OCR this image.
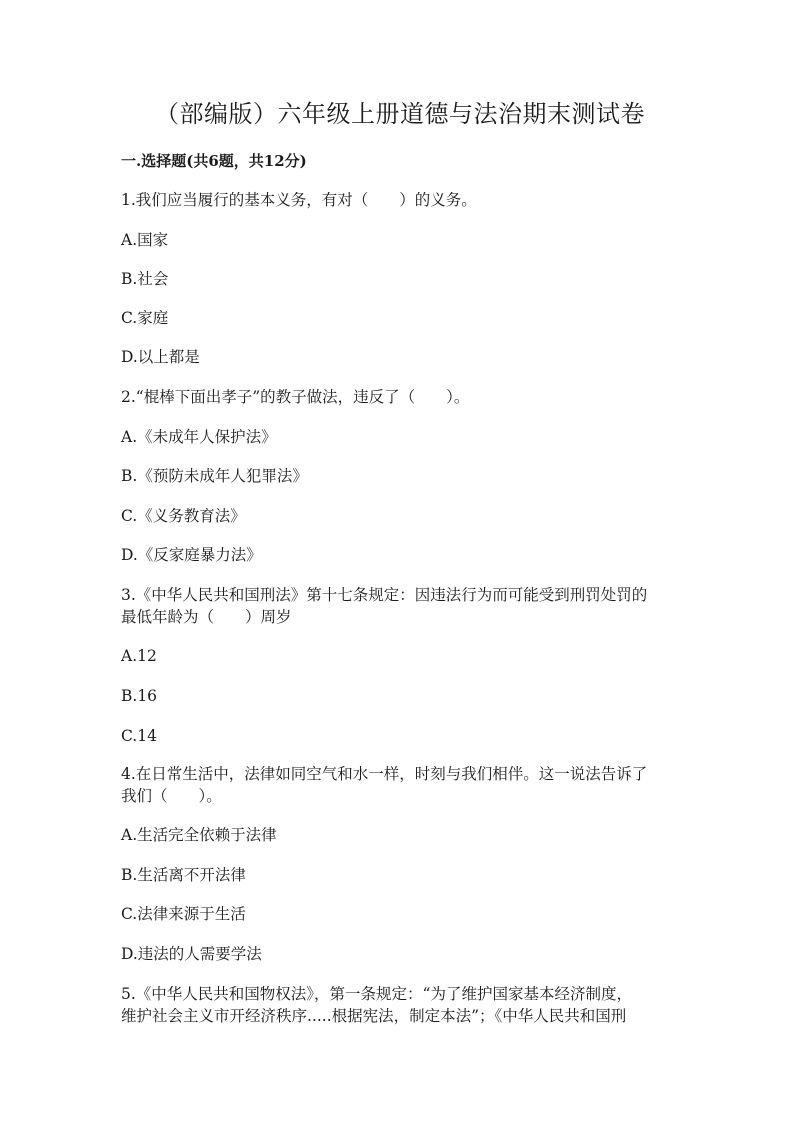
（部编版）六年级上册道德与法治期末测试卷
一.选择题(共6题，共12分)
1.我们应当履行的基本义务，有对（　　）的义务。
A.国家
B.社会
C.家庭
D.以上都是
2.“棍棒下面出孝子”的教子做法，违反了（　　）。
A.《未成年人保护法》
B.《预防未成年人犯罪法》
C.《义务教育法》
D.《反家庭暴力法》
3.《中华人民共和国刑法》第十七条规定：因违法行为而可能受到刑罚处罚的
最低年龄为（　　）周岁
A.12
B.16
C.14
4.在日常生活中，法律如同空气和水一样，时刻与我们相伴。这一说法告诉了
我们（　　）。
A.生活完全依赖于法律
B.生活离不开法律
C.法律来源于生活
D.违法的人需要学法
5.《中华人民共和国物权法》，第一条规定：“为了维护国家基本经济制度，
维护社会主义市开经济秩序.....根据宪法，制定本法”；《中华人民共和国刑
